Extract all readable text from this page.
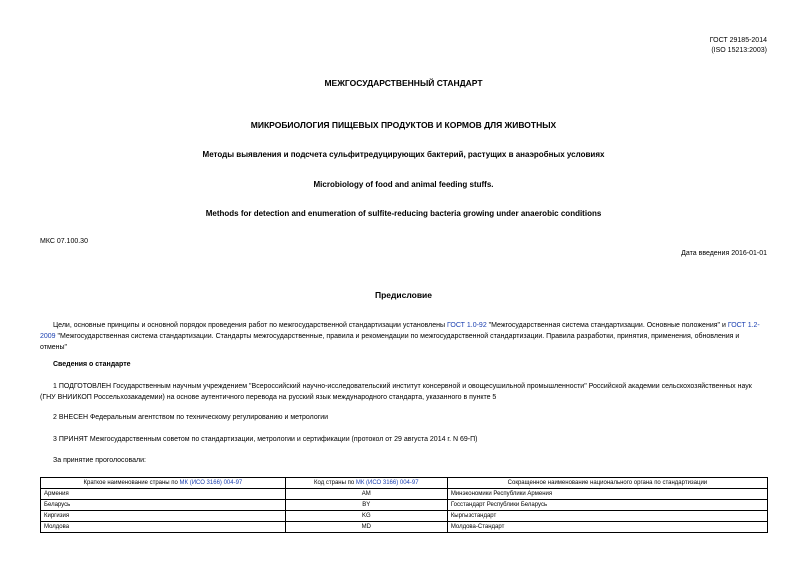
ГОСТ 29185-2014
(ISO 15213:2003)
МЕЖГОСУДАРСТВЕННЫЙ СТАНДАРТ
МИКРОБИОЛОГИЯ ПИЩЕВЫХ ПРОДУКТОВ И КОРМОВ ДЛЯ ЖИВОТНЫХ
Методы выявления и подсчета сульфитредуцирующих бактерий, растущих в анаэробных условиях
Microbiology of food and animal feeding stuffs.
Methods for detection and enumeration of sulfite-reducing bacteria growing under anaerobic conditions
МКС 07.100.30
Дата введения 2016-01-01
Предисловие
Цели, основные принципы и основной порядок проведения работ по межгосударственной стандартизации установлены ГОСТ 1.0-92 "Межгосударственная система стандартизации. Основные положения" и ГОСТ 1.2-2009 "Межгосударственная система стандартизации. Стандарты межгосударственные, правила и рекомендации по межгосударственной стандартизации. Правила разработки, принятия, применения, обновления и отмены"
Сведения о стандарте
1 ПОДГОТОВЛЕН Государственным научным учреждением "Всероссийский научно-исследовательский институт консервной и овощесушильной промышленности" Российской академии сельскохозяйственных наук (ГНУ ВНИИКОП Россельхозакадемии) на основе аутентичного перевода на русский язык международного стандарта, указанного в пункте 5
2 ВНЕСЕН Федеральным агентством по техническому регулированию и метрологии
3 ПРИНЯТ Межгосударственным советом по стандартизации, метрологии и сертификации (протокол от 29 августа 2014 г. N 69-П)
За принятие проголосовали:
Краткое наименование страны по МК (ИСО 3166) 004-97	Код страны по МК (ИСО 3166) 004-97	Сокращенное наименование национального органа по стандартизации
Армения	AM	Минэкономики Республики Армения
Беларусь	BY	Госстандарт Республики Беларусь
Киргизия	KG	Кыргызстандарт
Молдова	MD	Молдова-Стандарт
